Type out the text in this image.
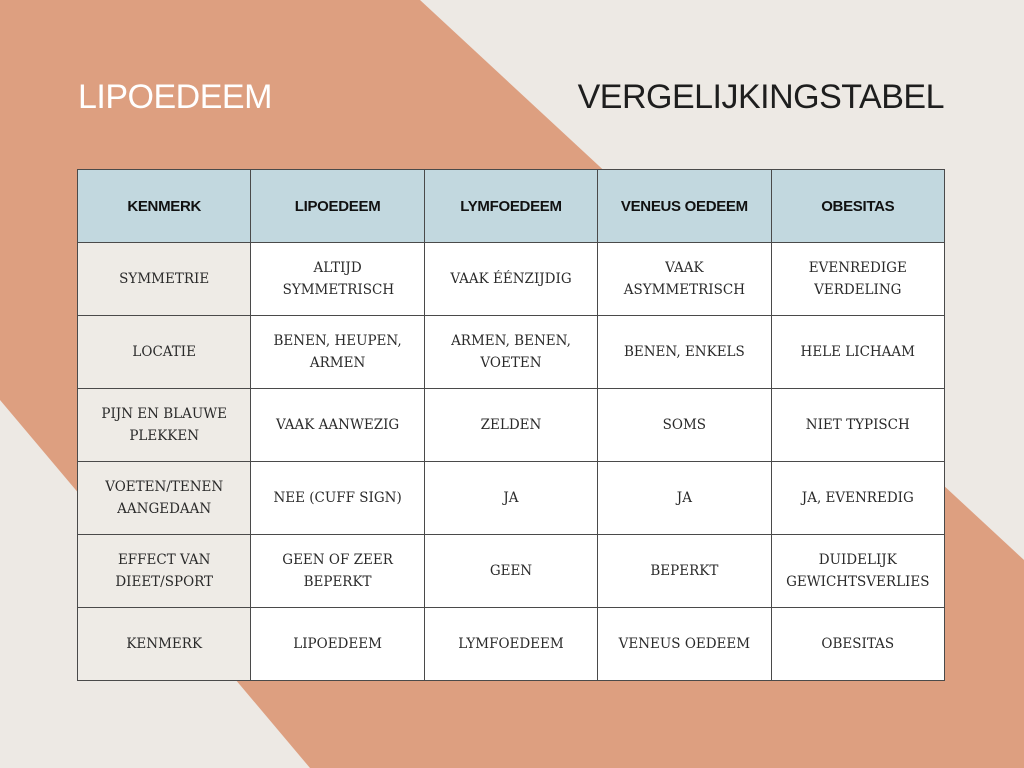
LIPOEDEEM	VERGELIJKINGSTABEL
KENMERK	LIPOEDEEM	LYMFOEDEEM	VENEUS OEDEEM	OBESITAS
SYMMETRIE	ALTIJD SYMMETRISCH	VAAK ÉÉNZIJDIG	VAAK ASYMMETRISCH	EVENREDIGE VERDELING

LOCATIE	BENEN, HEUPEN, ARMEN	ARMEN, BENEN, VOETEN	BENEN, ENKELS	HELE LICHAAM
PIJN EN BLAUWE PLEKKEN	VAAK AANWEZIG	ZELDEN	SOMS	NIET TYPISCH
VOETEN/TENEN AANGEDAAN	NEE (CUFF SIGN)	JA	JA	JA, EVENREDIG
EFFECT VAN DIEET/SPORT	GEEN OF ZEER BEPERKT	GEEN	BEPERKT	DUIDELIJK GEWICHTSVERLIES

KENMERK	LIPOEDEEM	LYMFOEDEEM	VENEUS OEDEEM	OBESITAS
